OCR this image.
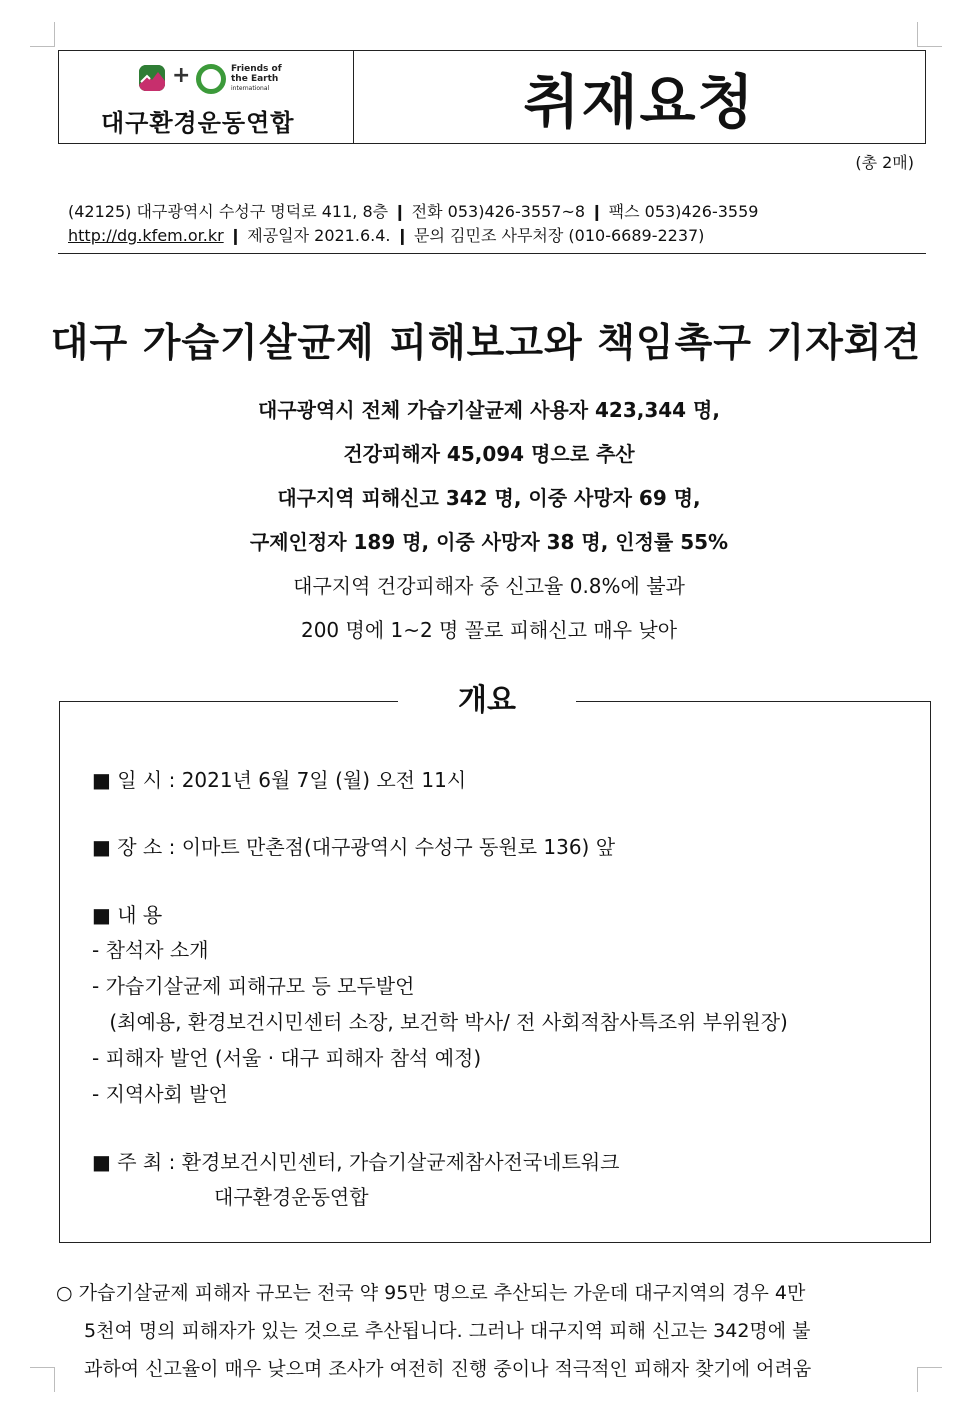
+	Friends of
the Earth
international
대구환경운동연합	취재요청
(총 2매)
(42125) 대구광역시 수성구 명덕로 411, 8층 ❙ 전화 053)426-3557~8 ❙ 팩스 053)426-3559
http://dg.kfem.or.kr ❙ 제공일자 2021.6.4. ❙ 문의 김민조 사무처장 (010-6689-2237)
대구 가습기살균제 피해보고와 책임촉구 기자회견
대구광역시 전체 가습기살균제 사용자 423,344 명,
건강피해자 45,094 명으로 추산
대구지역 피해신고 342 명, 이중 사망자 69 명,
구제인정자 189 명, 이중 사망자 38 명, 인정률 55%
대구지역 건강피해자 중 신고율 0.8%에 불과
200 명에 1~2 명 꼴로 피해신고 매우 낮아
개요
■ 일 시 : 2021년 6월 7일 (월) 오전 11시
■ 장 소 : 이마트 만촌점(대구광역시 수성구 동원로 136) 앞
■ 내 용
- 참석자 소개
- 가습기살균제 피해규모 등 모두발언
(최예용, 환경보건시민센터 소장, 보건학 박사/ 전 사회적참사특조위 부위원장)
- 피해자 발언 (서울 · 대구 피해자 참석 예정)
- 지역사회 발언
■ 주 최 : 환경보건시민센터, 가습기살균제참사전국네트워크
대구환경운동연합
○ 가습기살균제 피해자 규모는 전국 약 95만 명으로 추산되는 가운데 대구지역의 경우 4만
5천여 명의 피해자가 있는 것으로 추산됩니다. 그러나 대구지역 피해 신고는 342명에 불
과하여 신고율이 매우 낮으며 조사가 여전히 진행 중이나 적극적인 피해자 찾기에 어려움
